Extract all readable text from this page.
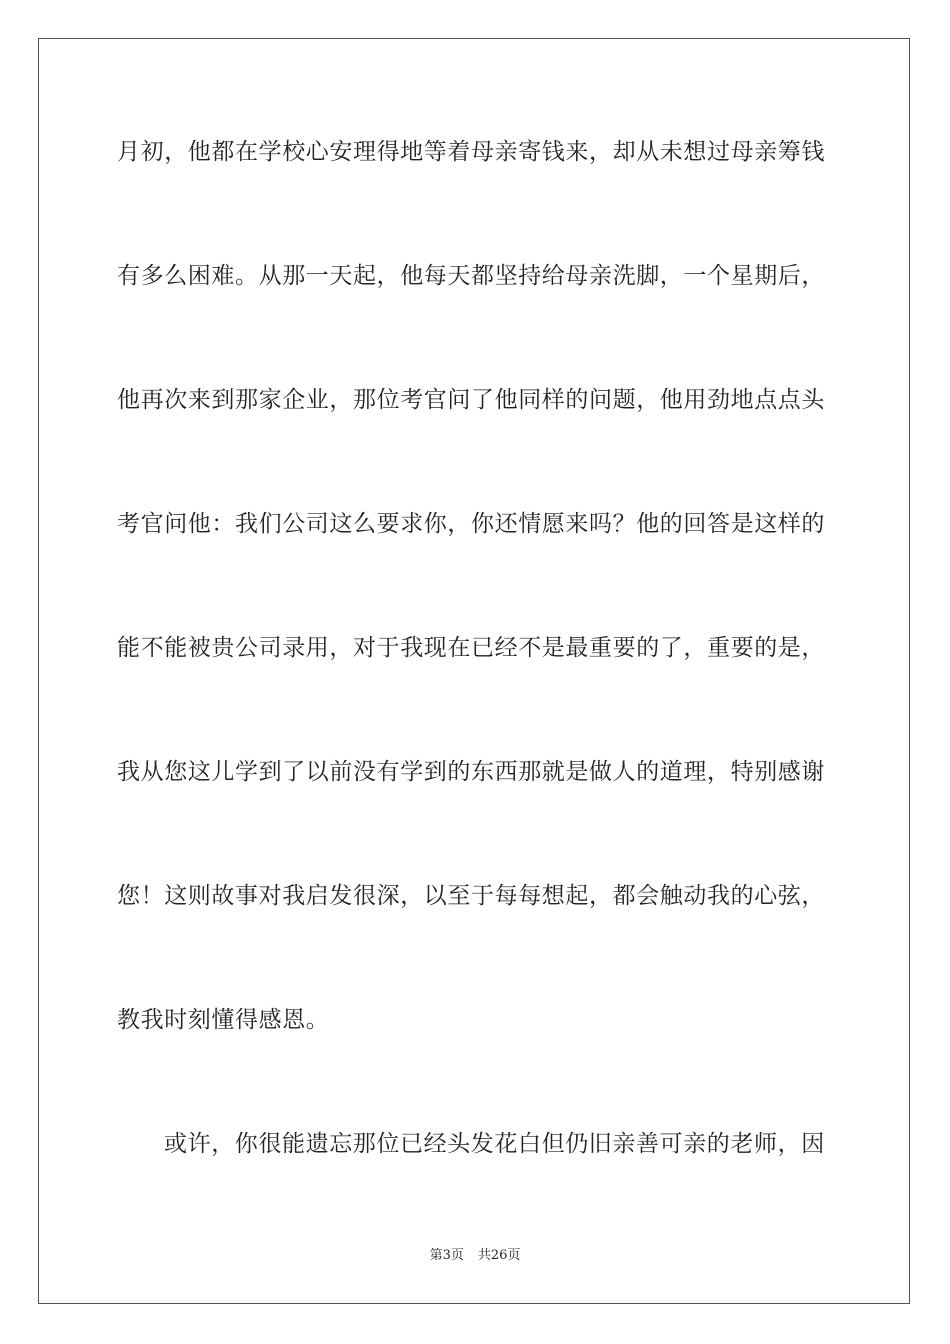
月初，他都在学校心安理得地等着母亲寄钱来，却从未想过母亲筹钱
有多么困难。从那一天起，他每天都坚持给母亲洗脚，一个星期后，
他再次来到那家企业，那位考官问了他同样的问题，他用劲地点点头
考官问他：我们公司这么要求你，你还情愿来吗？他的回答是这样的
能不能被贵公司录用，对于我现在已经不是最重要的了，重要的是，
我从您这儿学到了以前没有学到的东西那就是做人的道理，特别感谢
您！这则故事对我启发很深，以至于每每想起，都会触动我的心弦，
教我时刻懂得感恩。
或许，你很能遗忘那位已经头发花白但仍旧亲善可亲的老师，因
第3页 共26页
